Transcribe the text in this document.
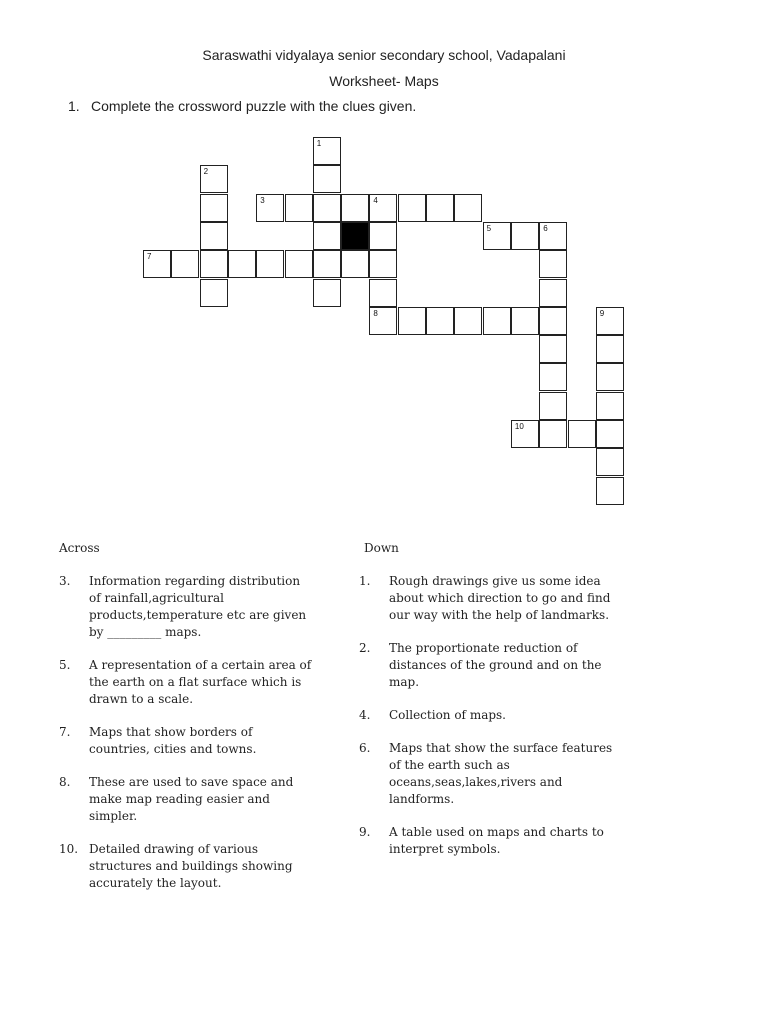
Saraswathi vidyalaya senior secondary school, Vadapalani
Worksheet- Maps
1. Complete the crossword puzzle with the clues given.
1
2
3	4
8
5	6
7
9
10
Across	Down
3. Information regarding distribution
of rainfall,agricultural
products,temperature etc are given
by _________ maps.
5. A representation of a certain area of
the earth on a flat surface which is
drawn to a scale.
7. Maps that show borders of
countries, cities and towns.
8. These are used to save space and
make map reading easier and
simpler.
10. Detailed drawing of various
structures and buildings showing
accurately the layout.
1. Rough drawings give us some idea
about which direction to go and find
our way with the help of landmarks.
2. The proportionate reduction of
distances of the ground and on the
map.
4. Collection of maps.
6. Maps that show the surface features
of the earth such as
oceans,seas,lakes,rivers and
landforms.
9. A table used on maps and charts to
interpret symbols.
